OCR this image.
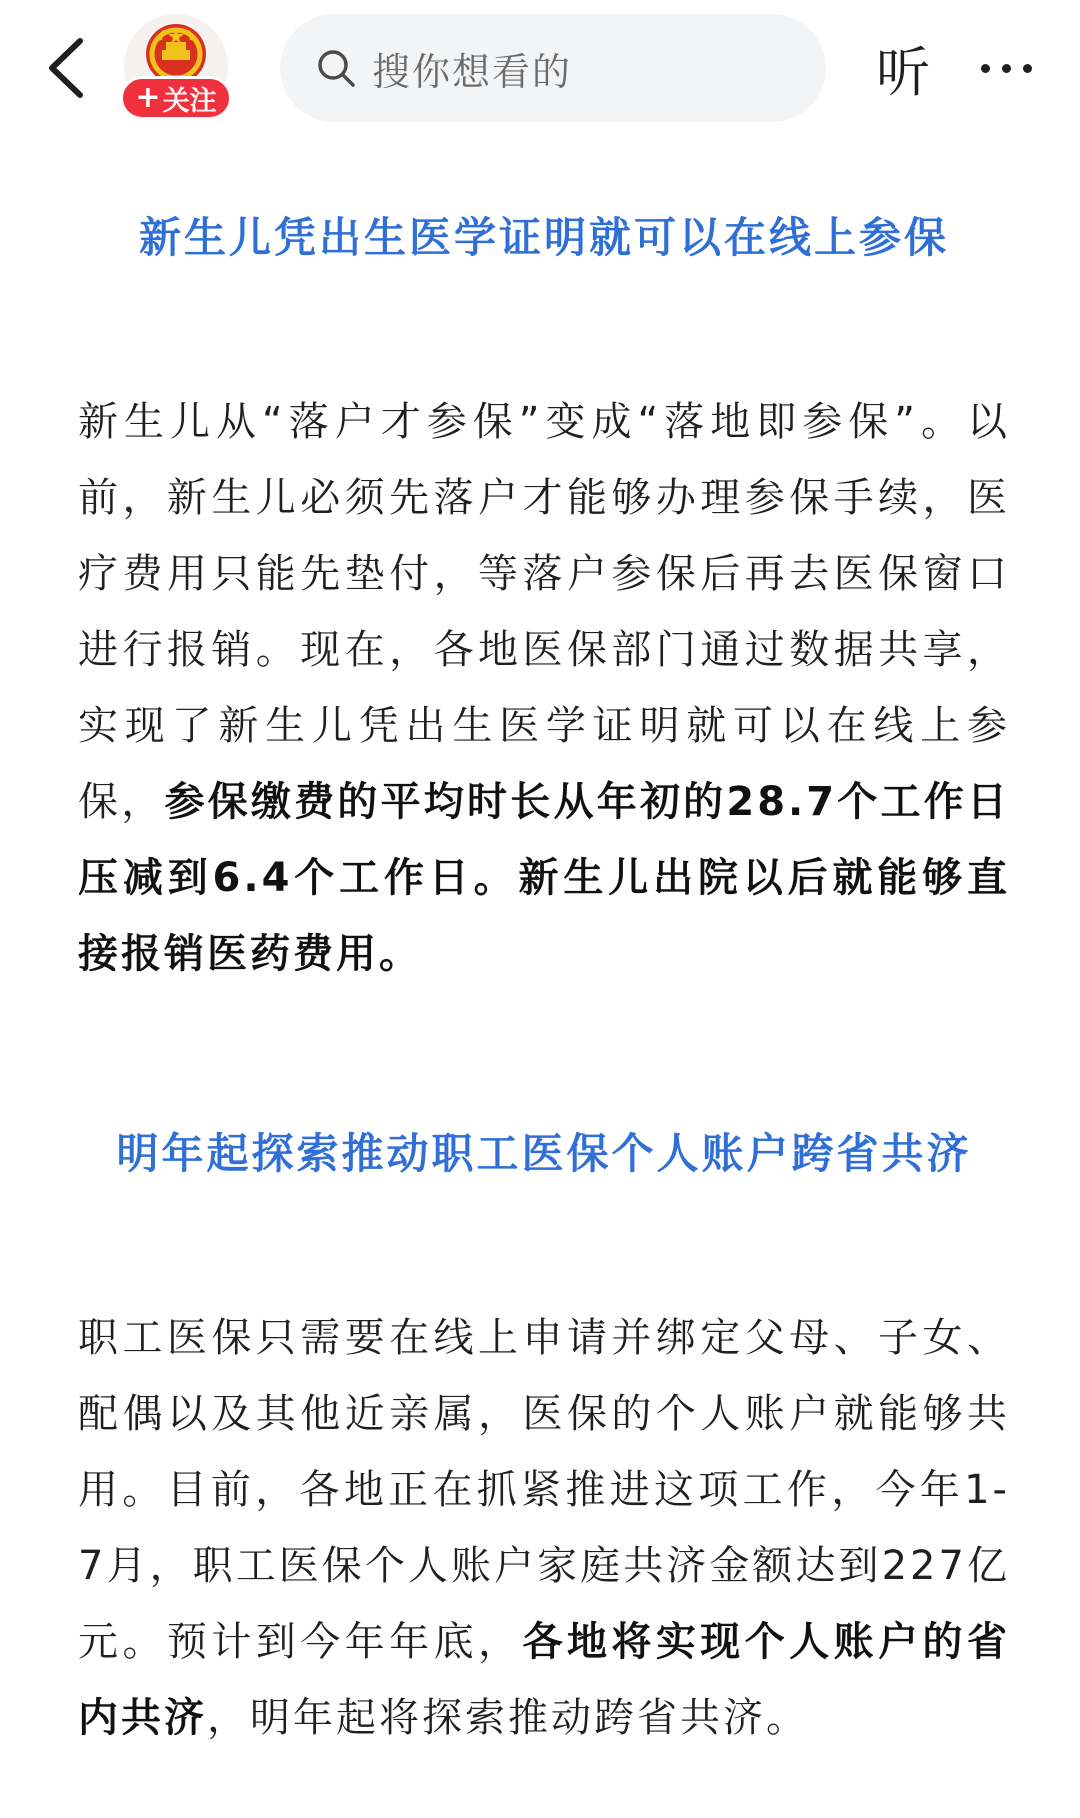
+ 关注
搜你想看的	听
新生儿凭出生医学证明就可以在线上参保

新生儿从“落户才参保”变成“落地即参保”。以前，新生儿必须先落户才能够办理参保手续，医疗费用只能先垫付，等落户参保后再去医保窗口进行报销。现在，各地医保部门通过数据共享，实现了新生儿凭出生医学证明就可以在线上参保，参保缴费的平均时长从年初的28.7个工作日压减到6.4个工作日。新生儿出院以后就能够直接报销医药费用。

明年起探索推动职工医保个人账户跨省共济

职工医保只需要在线上申请并绑定父母、子女、配偶以及其他近亲属，医保的个人账户就能够共用。目前，各地正在抓紧推进这项工作，今年1-7月，职工医保个人账户家庭共济金额达到227亿元。预计到今年年底，各地将实现个人账户的省内共济，明年起将探索推动跨省共济。
